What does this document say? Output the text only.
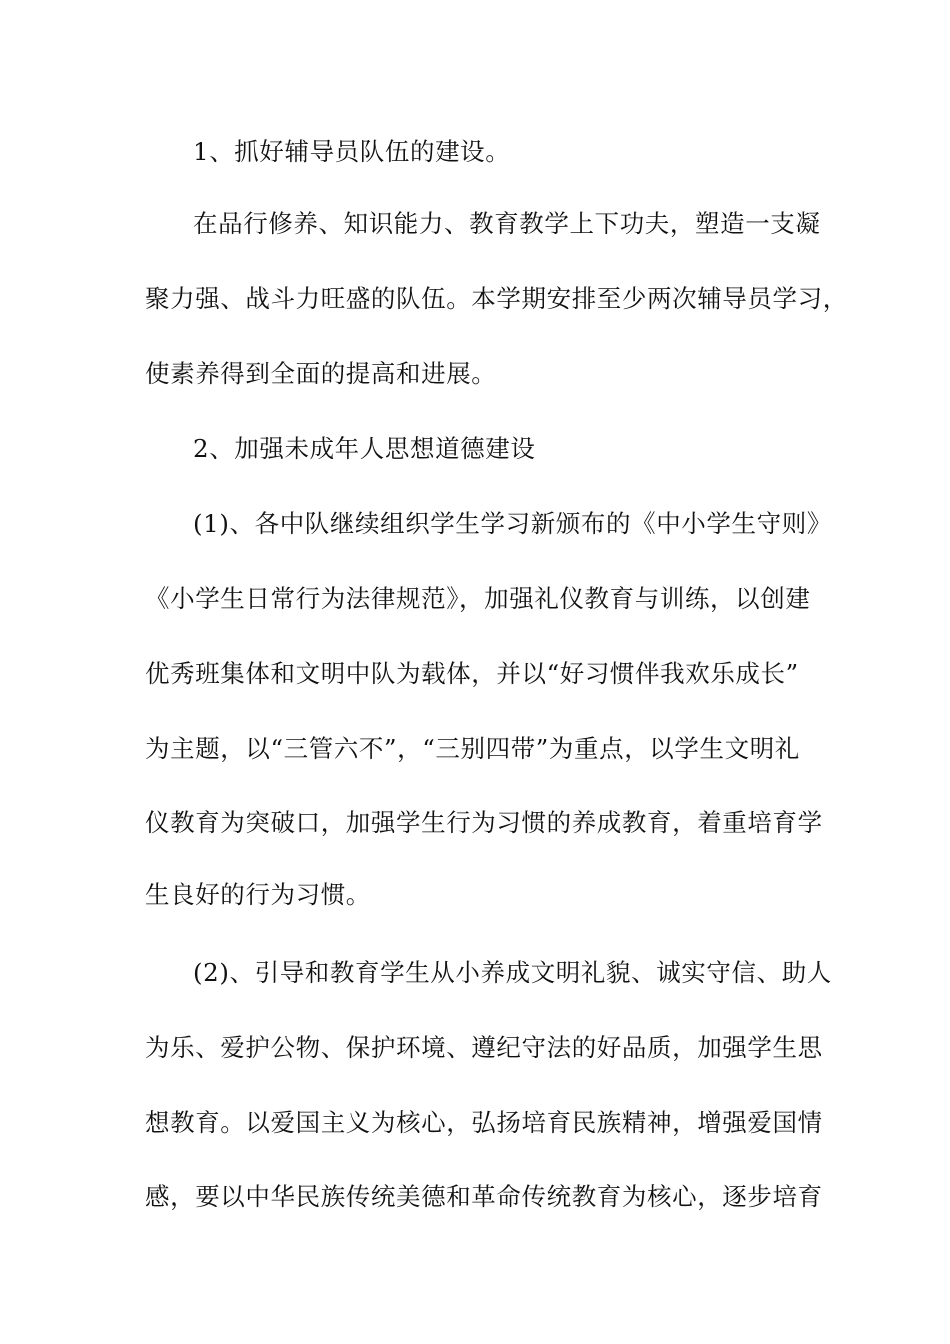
1、抓好辅导员队伍的建设。
在品行修养、知识能力、教育教学上下功夫，塑造一支凝
聚力强、战斗力旺盛的队伍。本学期安排至少两次辅导员学习，
使素养得到全面的提高和进展。
2、加强未成年人思想道德建设
(1)、各中队继续组织学生学习新颁布的《中小学生守则》
《小学生日常行为法律规范》，加强礼仪教育与训练，以创建
优秀班集体和文明中队为载体，并以“好习惯伴我欢乐成长”
为主题，以“三管六不”，“三别四带”为重点，以学生文明礼
仪教育为突破口，加强学生行为习惯的养成教育，着重培育学
生良好的行为习惯。
(2)、引导和教育学生从小养成文明礼貌、诚实守信、助人
为乐、爱护公物、保护环境、遵纪守法的好品质，加强学生思
想教育。以爱国主义为核心，弘扬培育民族精神，增强爱国情
感，要以中华民族传统美德和革命传统教育为核心，逐步培育
